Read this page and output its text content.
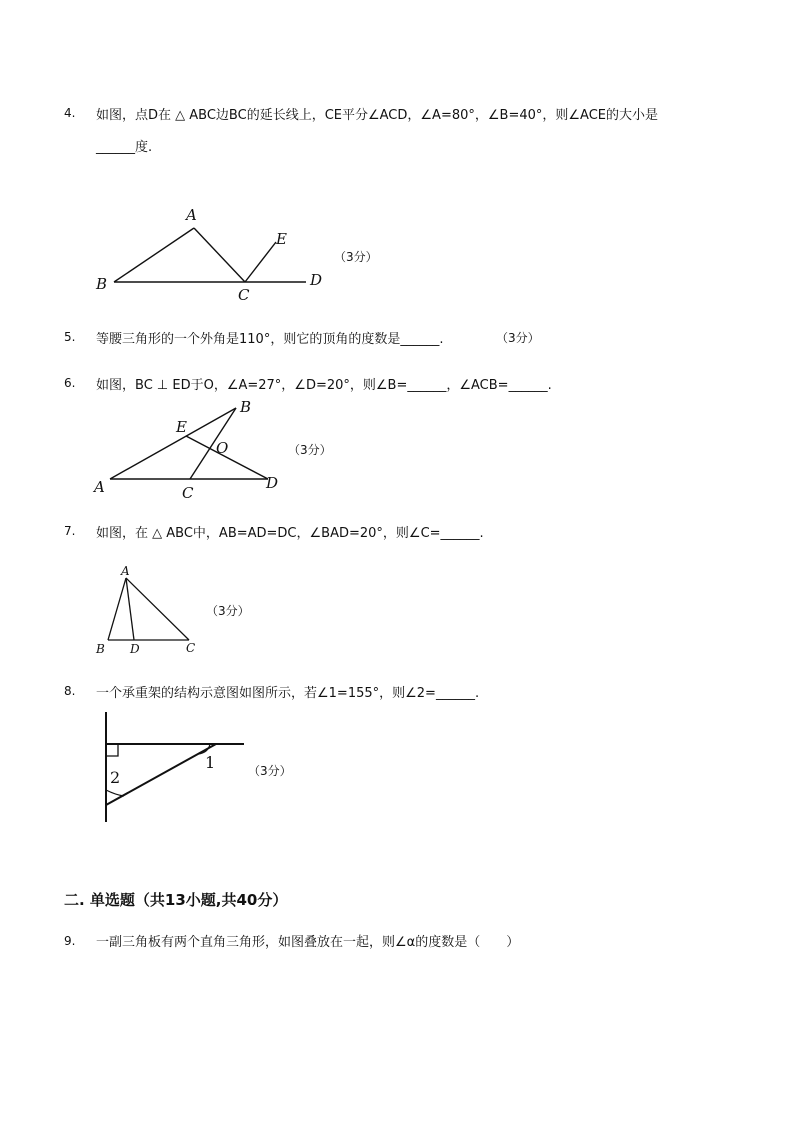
4. 如图，点D在 △ ABC边BC的延长线上，CE平分∠ACD，∠A=80°，∠B=40°，则∠ACE的大小是
______度.
A
B
C
D
E
（3分）
5. 等腰三角形的一个外角是110°，则它的顶角的度数是______.	（3分）
6. 如图，BC ⊥ ED于O，∠A=27°，∠D=20°，则∠B=______，∠ACB=______.
A
B
C
D
E
O	（3分）
7. 如图，在 △ ABC中，AB=AD=DC，∠BAD=20°，则∠C=______.
A
B	C
D
（3分）
8. 一个承重架的结构示意图如图所示，若∠1=155°，则∠2=______.
2
1	（3分）
二. 单选题（共13小题,共40分）
9. 一副三角板有两个直角三角形，如图叠放在一起，则∠α的度数是（　　）
